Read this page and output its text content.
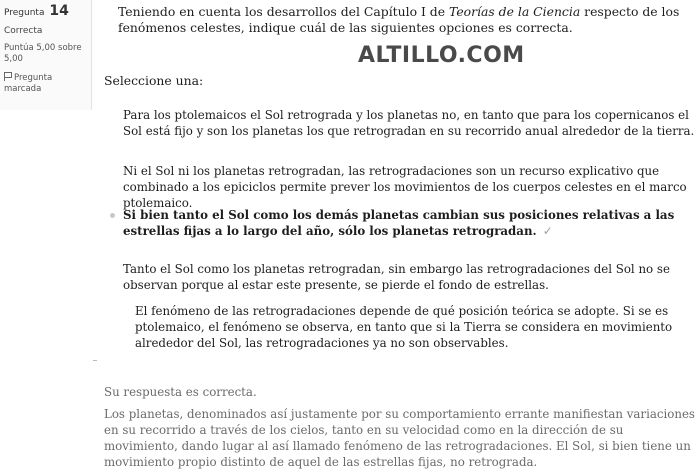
Pregunta 14
Correcta
Puntúa 5,00 sobre 5,00
Pregunta marcada
Teniendo en cuenta los desarrollos del Capítulo I de Teorías de la Ciencia respecto de los fenómenos celestes, indique cuál de las siguientes opciones es correcta.
ALTILLO.COM
Seleccione una:
Para los ptolemaicos el Sol retrograda y los planetas no, en tanto que para los copernicanos el Sol está fijo y son los planetas los que retrogradan en su recorrido anual alrededor de la tierra.
Ni el Sol ni los planetas retrogradan, las retrogradaciones son un recurso explicativo que combinado a los epiciclos permite prever los movimientos de los cuerpos celestes en el marco ptolemaico.
Si bien tanto el Sol como los demás planetas cambian sus posiciones relativas a las estrellas fijas a lo largo del año, sólo los planetas retrogradan. ✓
Tanto el Sol como los planetas retrogradan, sin embargo las retrogradaciones del Sol no se observan porque al estar este presente, se pierde el fondo de estrellas.
El fenómeno de las retrogradaciones depende de qué posición teórica se adopte. Si se es ptolemaico, el fenómeno se observa, en tanto que si la Tierra se considera en movimiento alrededor del Sol, las retrogradaciones ya no son observables.
Su respuesta es correcta.
Los planetas, denominados así justamente por su comportamiento errante manifiestan variaciones en su recorrido a través de los cielos, tanto en su velocidad como en la dirección de su movimiento, dando lugar al así llamado fenómeno de las retrogradaciones. El Sol, si bien tiene un movimiento propio distinto de aquel de las estrellas fijas, no retrograda.
